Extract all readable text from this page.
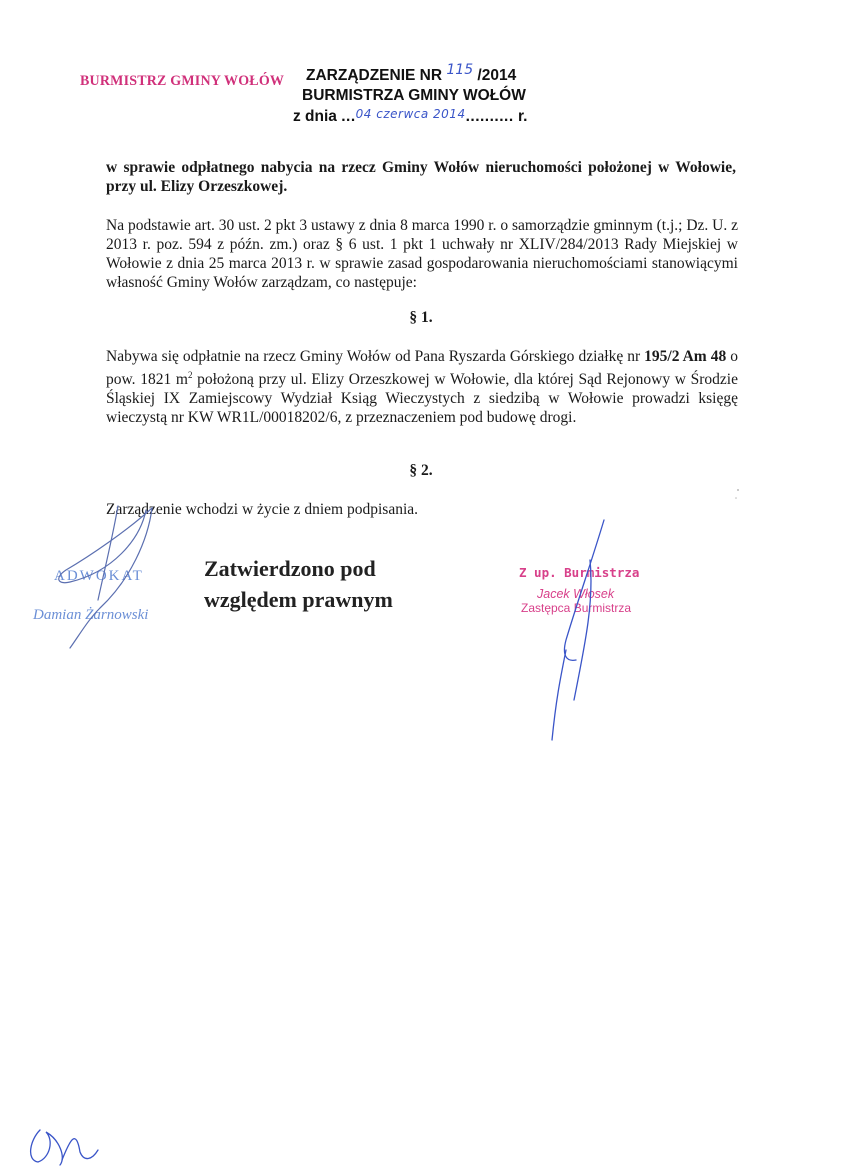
BURMISTRZ GMINY WOŁÓW ZARZĄDZENIE NR 115 /2014
BURMISTRZA GMINY WOŁÓW
z dnia ...04 czerwca 2014.......... r.
w sprawie odpłatnego nabycia na rzecz Gminy Wołów nieruchomości położonej w Wołowie, przy ul. Elizy Orzeszkowej.
Na podstawie art. 30 ust. 2 pkt 3 ustawy z dnia 8 marca 1990 r. o samorządzie gminnym (t.j.; Dz. U. z 2013 r. poz. 594 z późn. zm.) oraz § 6 ust. 1 pkt 1 uchwały nr XLIV/284/2013 Rady Miejskiej w Wołowie z dnia 25 marca 2013 r. w sprawie zasad gospodarowania nieruchomościami stanowiącymi własność Gminy Wołów zarządzam, co następuje:
§ 1.
Nabywa się odpłatnie na rzecz Gminy Wołów od Pana Ryszarda Górskiego działkę nr 195/2 Am 48 o pow. 1821 $m^2$ położoną przy ul. Elizy Orzeszkowej w Wołowie, dla której Sąd Rejonowy w Środzie Śląskiej IX Zamiejscowy Wydział Ksiąg Wieczystych z siedzibą w Wołowie prowadzi księgę wieczystą nr KW WR1L/00018202/6, z przeznaczeniem pod budowę drogi.
§ 2.
Zarządzenie wchodzi w życie z dniem podpisania.
Zatwierdzono pod
względem prawnym
ADWOKAT
Damian Żarnowski
Z up. Burmistrza
Jacek Włosek
Zastępca Burmistrza
